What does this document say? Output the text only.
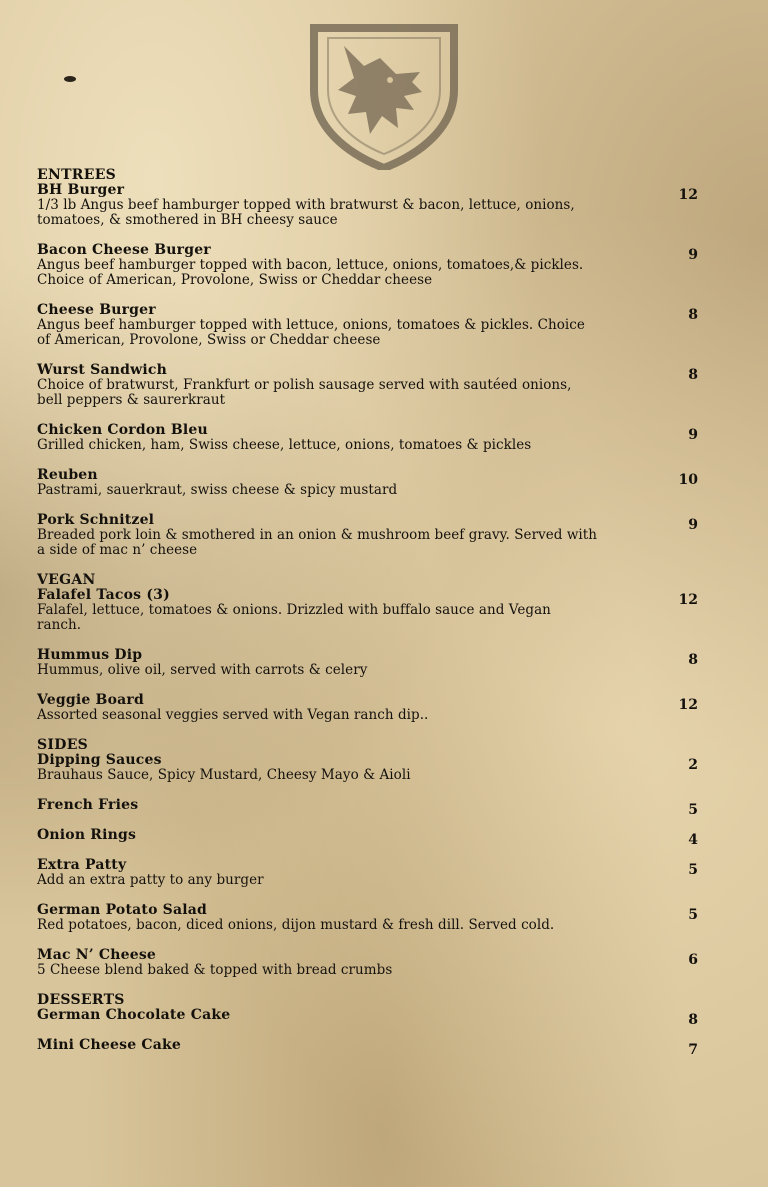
ENTREES
BH Burger
1/3 lb Angus beef hamburger topped with bratwurst & bacon, lettuce, onions, tomatoes, & smothered in BH cheesy sauce
12
Bacon Cheese Burger
Angus beef hamburger topped with bacon, lettuce, onions, tomatoes,& pickles. Choice of American, Provolone, Swiss or Cheddar cheese
9
Cheese Burger
Angus beef hamburger topped with lettuce, onions, tomatoes & pickles. Choice of American, Provolone, Swiss or Cheddar cheese
8
Wurst Sandwich
Choice of bratwurst, Frankfurt or polish sausage served with sautéed onions, bell peppers & saurerkraut
8
Chicken Cordon Bleu
Grilled chicken, ham, Swiss cheese, lettuce, onions, tomatoes & pickles
9
Reuben
Pastrami, sauerkraut, swiss cheese & spicy mustard
10
Pork Schnitzel
Breaded pork loin & smothered in an onion & mushroom beef gravy. Served with a side of mac n’ cheese
9
VEGAN
Falafel Tacos (3)
Falafel, lettuce, tomatoes & onions. Drizzled with buffalo sauce and Vegan ranch.
12
Hummus Dip
Hummus, olive oil, served with carrots & celery
8
Veggie Board
Assorted seasonal veggies served with Vegan ranch dip..
12
SIDES
Dipping Sauces
Brauhaus Sauce, Spicy Mustard, Cheesy Mayo & Aioli
2
French Fries	5
Onion Rings	4
Extra Patty
Add an extra patty to any burger
5
German Potato Salad
Red potatoes, bacon, diced onions, dijon mustard & fresh dill. Served cold.
5
Mac N’ Cheese
5 Cheese blend baked & topped with bread crumbs
6
DESSERTS
German Chocolate Cake	8
Mini Cheese Cake	7
